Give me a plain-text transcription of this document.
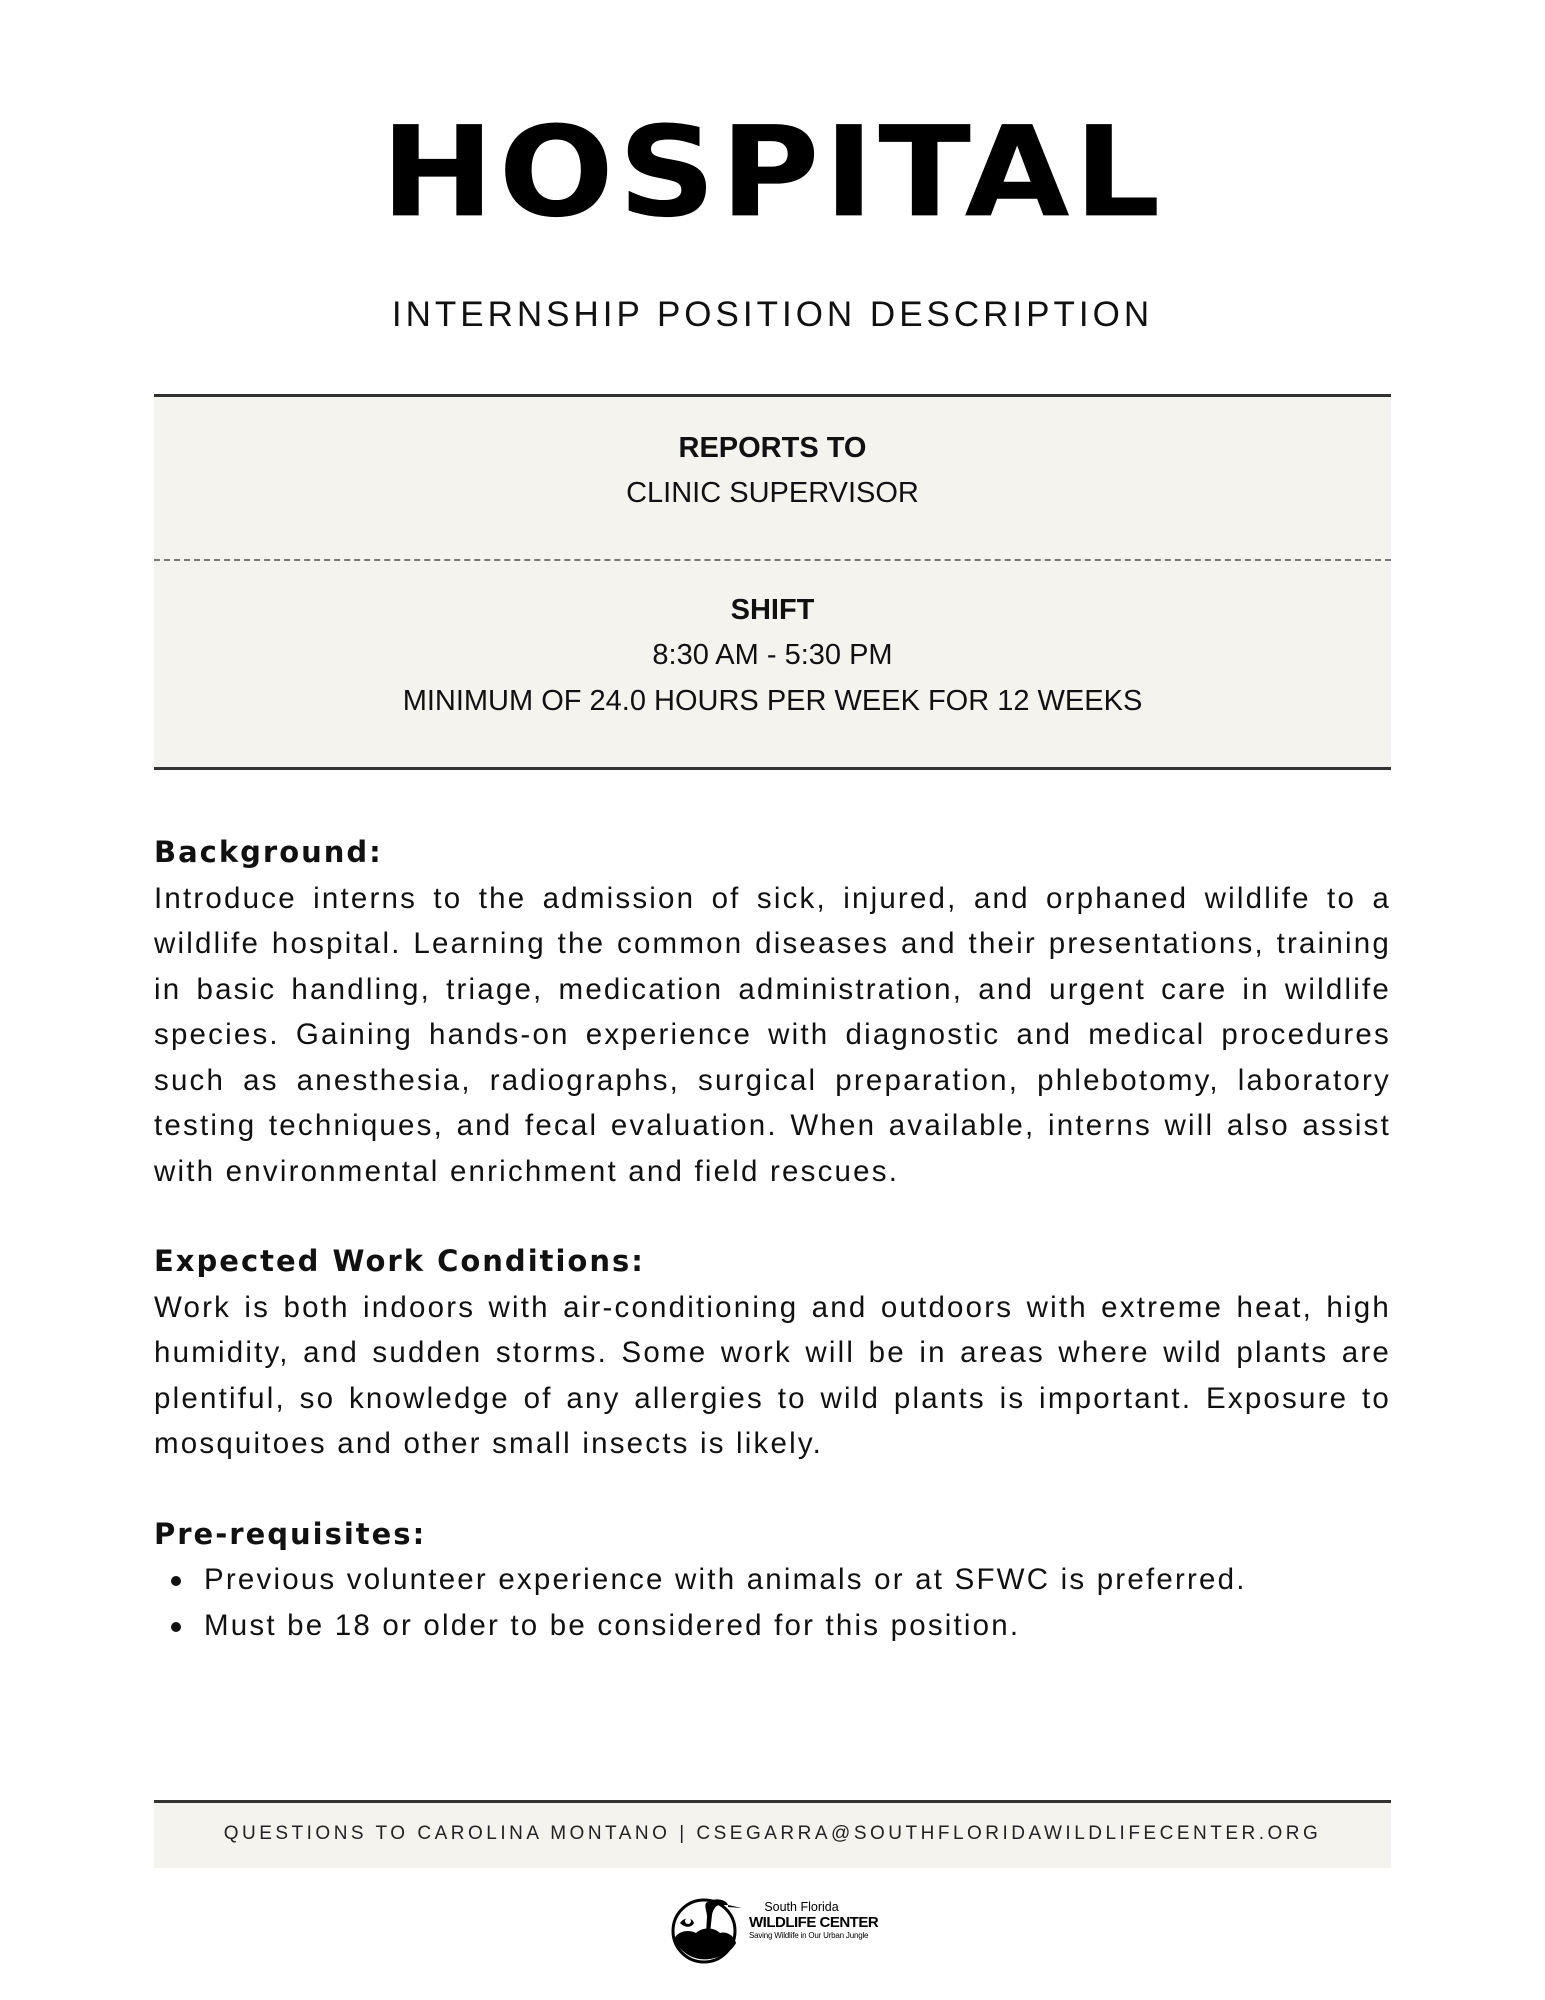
HOSPITAL
INTERNSHIP POSITION DESCRIPTION
REPORTS TO
CLINIC SUPERVISOR
SHIFT
8:30 AM - 5:30 PM
MINIMUM OF 24.0 HOURS PER WEEK FOR 12 WEEKS

Background:

Introduce interns to the admission of sick, injured, and orphaned wildlife to a wildlife hospital. Learning the common diseases and their presentations, training in basic handling, triage, medication administration, and urgent care in wildlife species. Gaining hands-on experience with diagnostic and medical procedures such as anesthesia, radiographs, surgical preparation, phlebotomy, laboratory testing techniques, and fecal evaluation. When available, interns will also assist with environmental enrichment and field rescues.

Expected Work Conditions:

Work is both indoors with air-conditioning and outdoors with extreme heat, high humidity, and sudden storms. Some work will be in areas where wild plants are plentiful, so knowledge of any allergies to wild plants is important. Exposure to mosquitoes and other small insects is likely.

Pre-requisites:

Previous volunteer experience with animals or at SFWC is preferred.
Must be 18 or older to be considered for this position.
QUESTIONS TO CAROLINA MONTANO | CSEGARRA@SOUTHFLORIDAWILDLIFECENTER.ORG
South Florida
WILDLIFE CENTER
Saving Wildlife in Our Urban Jungle
